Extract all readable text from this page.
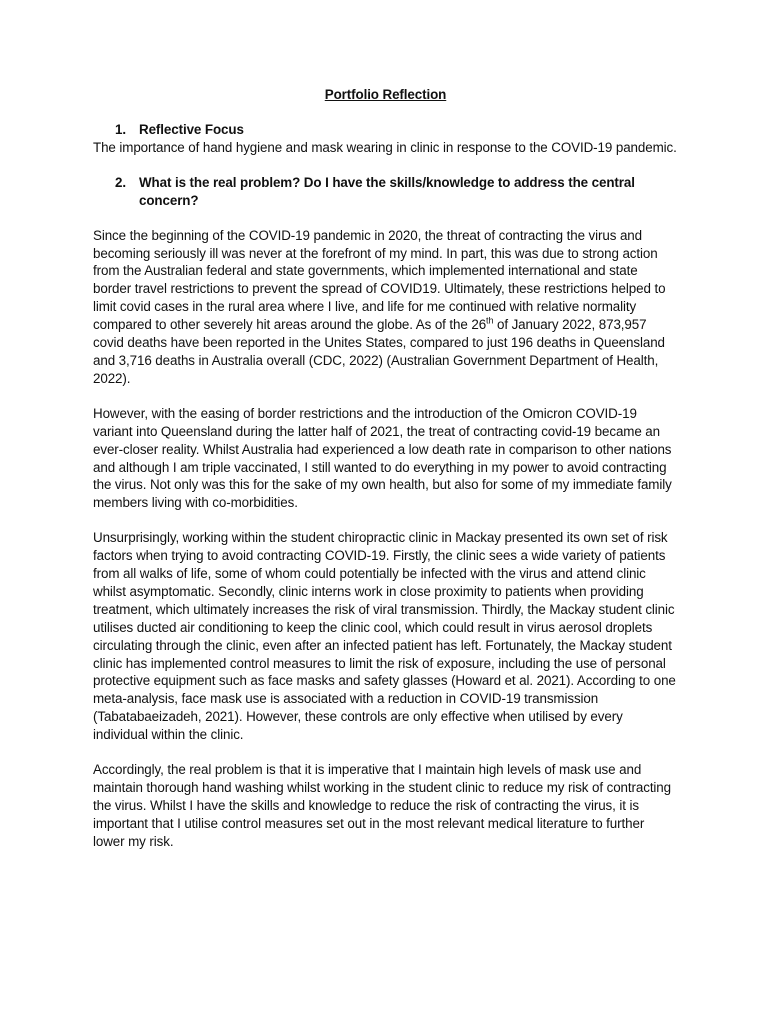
Portfolio Reflection
1. Reflective Focus

The importance of hand hygiene and mask wearing in clinic in response to the COVID-19 pandemic.

2. What is the real problem? Do I have the skills/knowledge to address the central concern?

Since the beginning of the COVID-19 pandemic in 2020, the threat of contracting the virus and becoming seriously ill was never at the forefront of my mind. In part, this was due to strong action from the Australian federal and state governments, which implemented international and state border travel restrictions to prevent the spread of COVID19. Ultimately, these restrictions helped to limit covid cases in the rural area where I live, and life for me continued with relative normality compared to other severely hit areas around the globe. As of the 26th of January 2022, 873,957 covid deaths have been reported in the Unites States, compared to just 196 deaths in Queensland and 3,716 deaths in Australia overall (CDC, 2022) (Australian Government Department of Health, 2022).

However, with the easing of border restrictions and the introduction of the Omicron COVID-19 variant into Queensland during the latter half of 2021, the treat of contracting covid-19 became an ever-closer reality. Whilst Australia had experienced a low death rate in comparison to other nations and although I am triple vaccinated, I still wanted to do everything in my power to avoid contracting the virus. Not only was this for the sake of my own health, but also for some of my immediate family members living with co-morbidities.

Unsurprisingly, working within the student chiropractic clinic in Mackay presented its own set of risk factors when trying to avoid contracting COVID-19. Firstly, the clinic sees a wide variety of patients from all walks of life, some of whom could potentially be infected with the virus and attend clinic whilst asymptomatic. Secondly, clinic interns work in close proximity to patients when providing treatment, which ultimately increases the risk of viral transmission. Thirdly, the Mackay student clinic utilises ducted air conditioning to keep the clinic cool, which could result in virus aerosol droplets circulating through the clinic, even after an infected patient has left. Fortunately, the Mackay student clinic has implemented control measures to limit the risk of exposure, including the use of personal protective equipment such as face masks and safety glasses (Howard et al. 2021). According to one meta-analysis, face mask use is associated with a reduction in COVID-19 transmission (Tabatabaeizadeh, 2021). However, these controls are only effective when utilised by every individual within the clinic.

Accordingly, the real problem is that it is imperative that I maintain high levels of mask use and maintain thorough hand washing whilst working in the student clinic to reduce my risk of contracting the virus. Whilst I have the skills and knowledge to reduce the risk of contracting the virus, it is important that I utilise control measures set out in the most relevant medical literature to further lower my risk.
